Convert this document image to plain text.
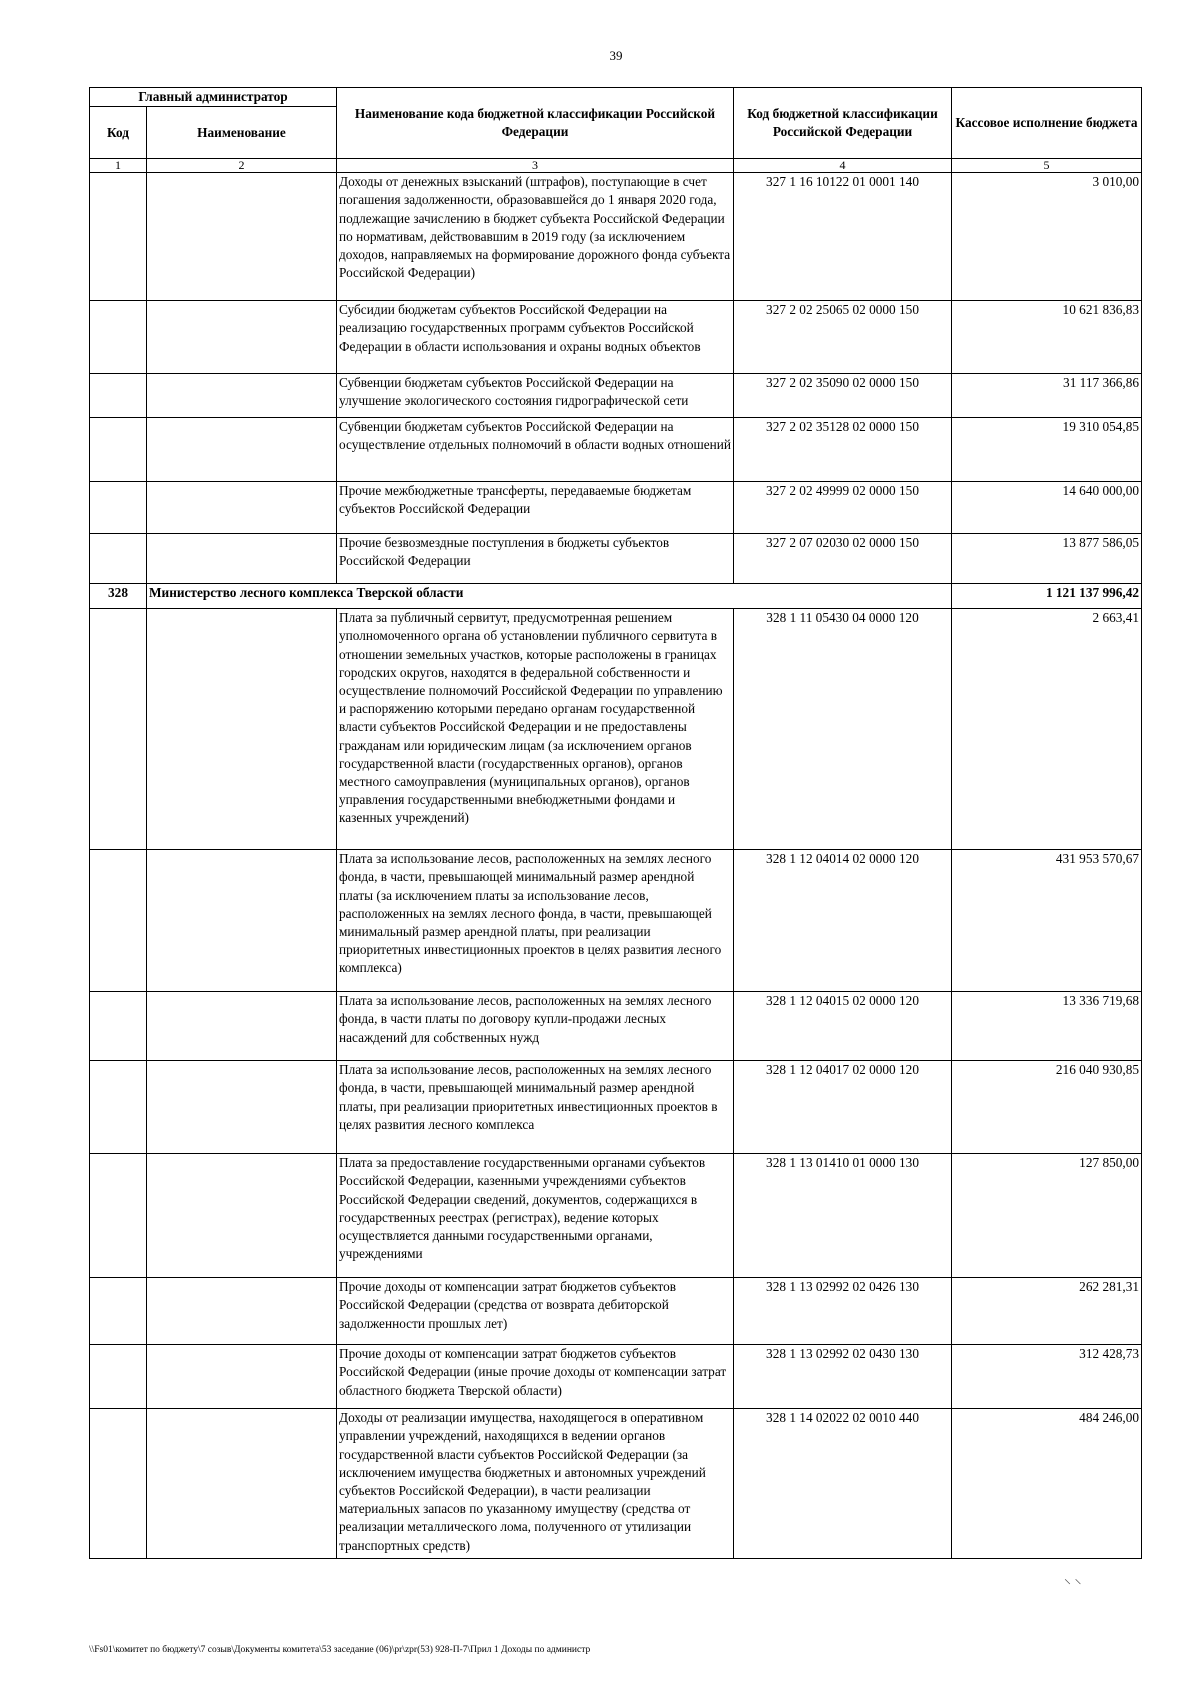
39
Главный администратор		Наименование кода бюджетной классификации Российской Федерации	Код бюджетной классификации Российской Федерации	Кассовое исполнение бюджета
Код	Наименование			
1	2	3	4	5
		Доходы от денежных взысканий (штрафов), поступающие в счет погашения задолженности, образовавшейся до 1 января 2020 года, подлежащие зачислению в бюджет субъекта Российской Федерации по нормативам, действовавшим в 2019 году (за исключением доходов, направляемых на формирование дорожного фонда субъекта Российской Федерации)	327 1 16 10122 01 0001 140	3 010,00
		Субсидии бюджетам субъектов Российской Федерации на реализацию государственных программ субъектов Российской Федерации в области использования и охраны водных объектов	327 2 02 25065 02 0000 150	10 621 836,83
		Субвенции бюджетам субъектов Российской Федерации на улучшение экологического состояния гидрографической сети	327 2 02 35090 02 0000 150	31 117 366,86
		Субвенции бюджетам субъектов Российской Федерации на осуществление отдельных полномочий в области водных отношений	327 2 02 35128 02 0000 150	19 310 054,85
		Прочие межбюджетные трансферты, передаваемые бюджетам субъектов Российской Федерации	327 2 02 49999 02 0000 150	14 640 000,00
		Прочие безвозмездные поступления в бюджеты субъектов Российской Федерации	327 2 07 02030 02 0000 150	13 877 586,05
328	Министерство лесного комплекса Тверской области			1 121 137 996,42
		Плата за публичный сервитут, предусмотренная решением уполномоченного органа об установлении публичного сервитута в отношении земельных участков, которые расположены в границах городских округов, находятся в федеральной собственности и осуществление полномочий Российской Федерации по управлению и распоряжению которыми передано органам государственной власти субъектов Российской Федерации и не предоставлены гражданам или юридическим лицам (за исключением органов государственной власти (государственных органов), органов местного самоуправления (муниципальных органов), органов управления государственными внебюджетными фондами и казенных учреждений)	328 1 11 05430 04 0000 120	2 663,41
		Плата за использование лесов, расположенных на землях лесного фонда, в части, превышающей минимальный размер арендной платы (за исключением платы за использование лесов, расположенных на землях лесного фонда, в части, превышающей минимальный размер арендной платы, при реализации приоритетных инвестиционных проектов в целях развития лесного комплекса)	328 1 12 04014 02 0000 120	431 953 570,67
		Плата за использование лесов, расположенных на землях лесного фонда, в части платы по договору купли-продажи лесных насаждений для собственных нужд	328 1 12 04015 02 0000 120	13 336 719,68
		Плата за использование лесов, расположенных на землях лесного фонда, в части, превышающей минимальный размер арендной платы, при реализации приоритетных инвестиционных проектов в целях развития лесного комплекса	328 1 12 04017 02 0000 120	216 040 930,85
		Плата за предоставление государственными органами субъектов Российской Федерации, казенными учреждениями субъектов Российской Федерации сведений, документов, содержащихся в государственных реестрах (регистрах), ведение которых осуществляется данными государственными органами, учреждениями	328 1 13 01410 01 0000 130	127 850,00
		Прочие доходы от компенсации затрат бюджетов субъектов Российской Федерации (средства от возврата дебиторской задолженности прошлых лет)	328 1 13 02992 02 0426 130	262 281,31
		Прочие доходы от компенсации затрат бюджетов субъектов Российской Федерации (иные прочие доходы от компенсации затрат областного бюджета Тверской области)	328 1 13 02992 02 0430 130	312 428,73
		Доходы от реализации имущества, находящегося в оперативном управлении учреждений, находящихся в ведении органов государственной власти субъектов Российской Федерации (за исключением имущества бюджетных и автономных учреждений субъектов Российской Федерации), в части реализации материальных запасов по указанному имуществу (средства от реализации металлического лома, полученного от утилизации транспортных средств)	328 1 14 02022 02 0010 440	484 246,00
⸌ ⸌
\\Fs01\комитет по бюджету\7 созыв\Документы комитета\53 заседание (06)\pr\zpr(53) 928-П-7\Прил 1 Доходы по администр
